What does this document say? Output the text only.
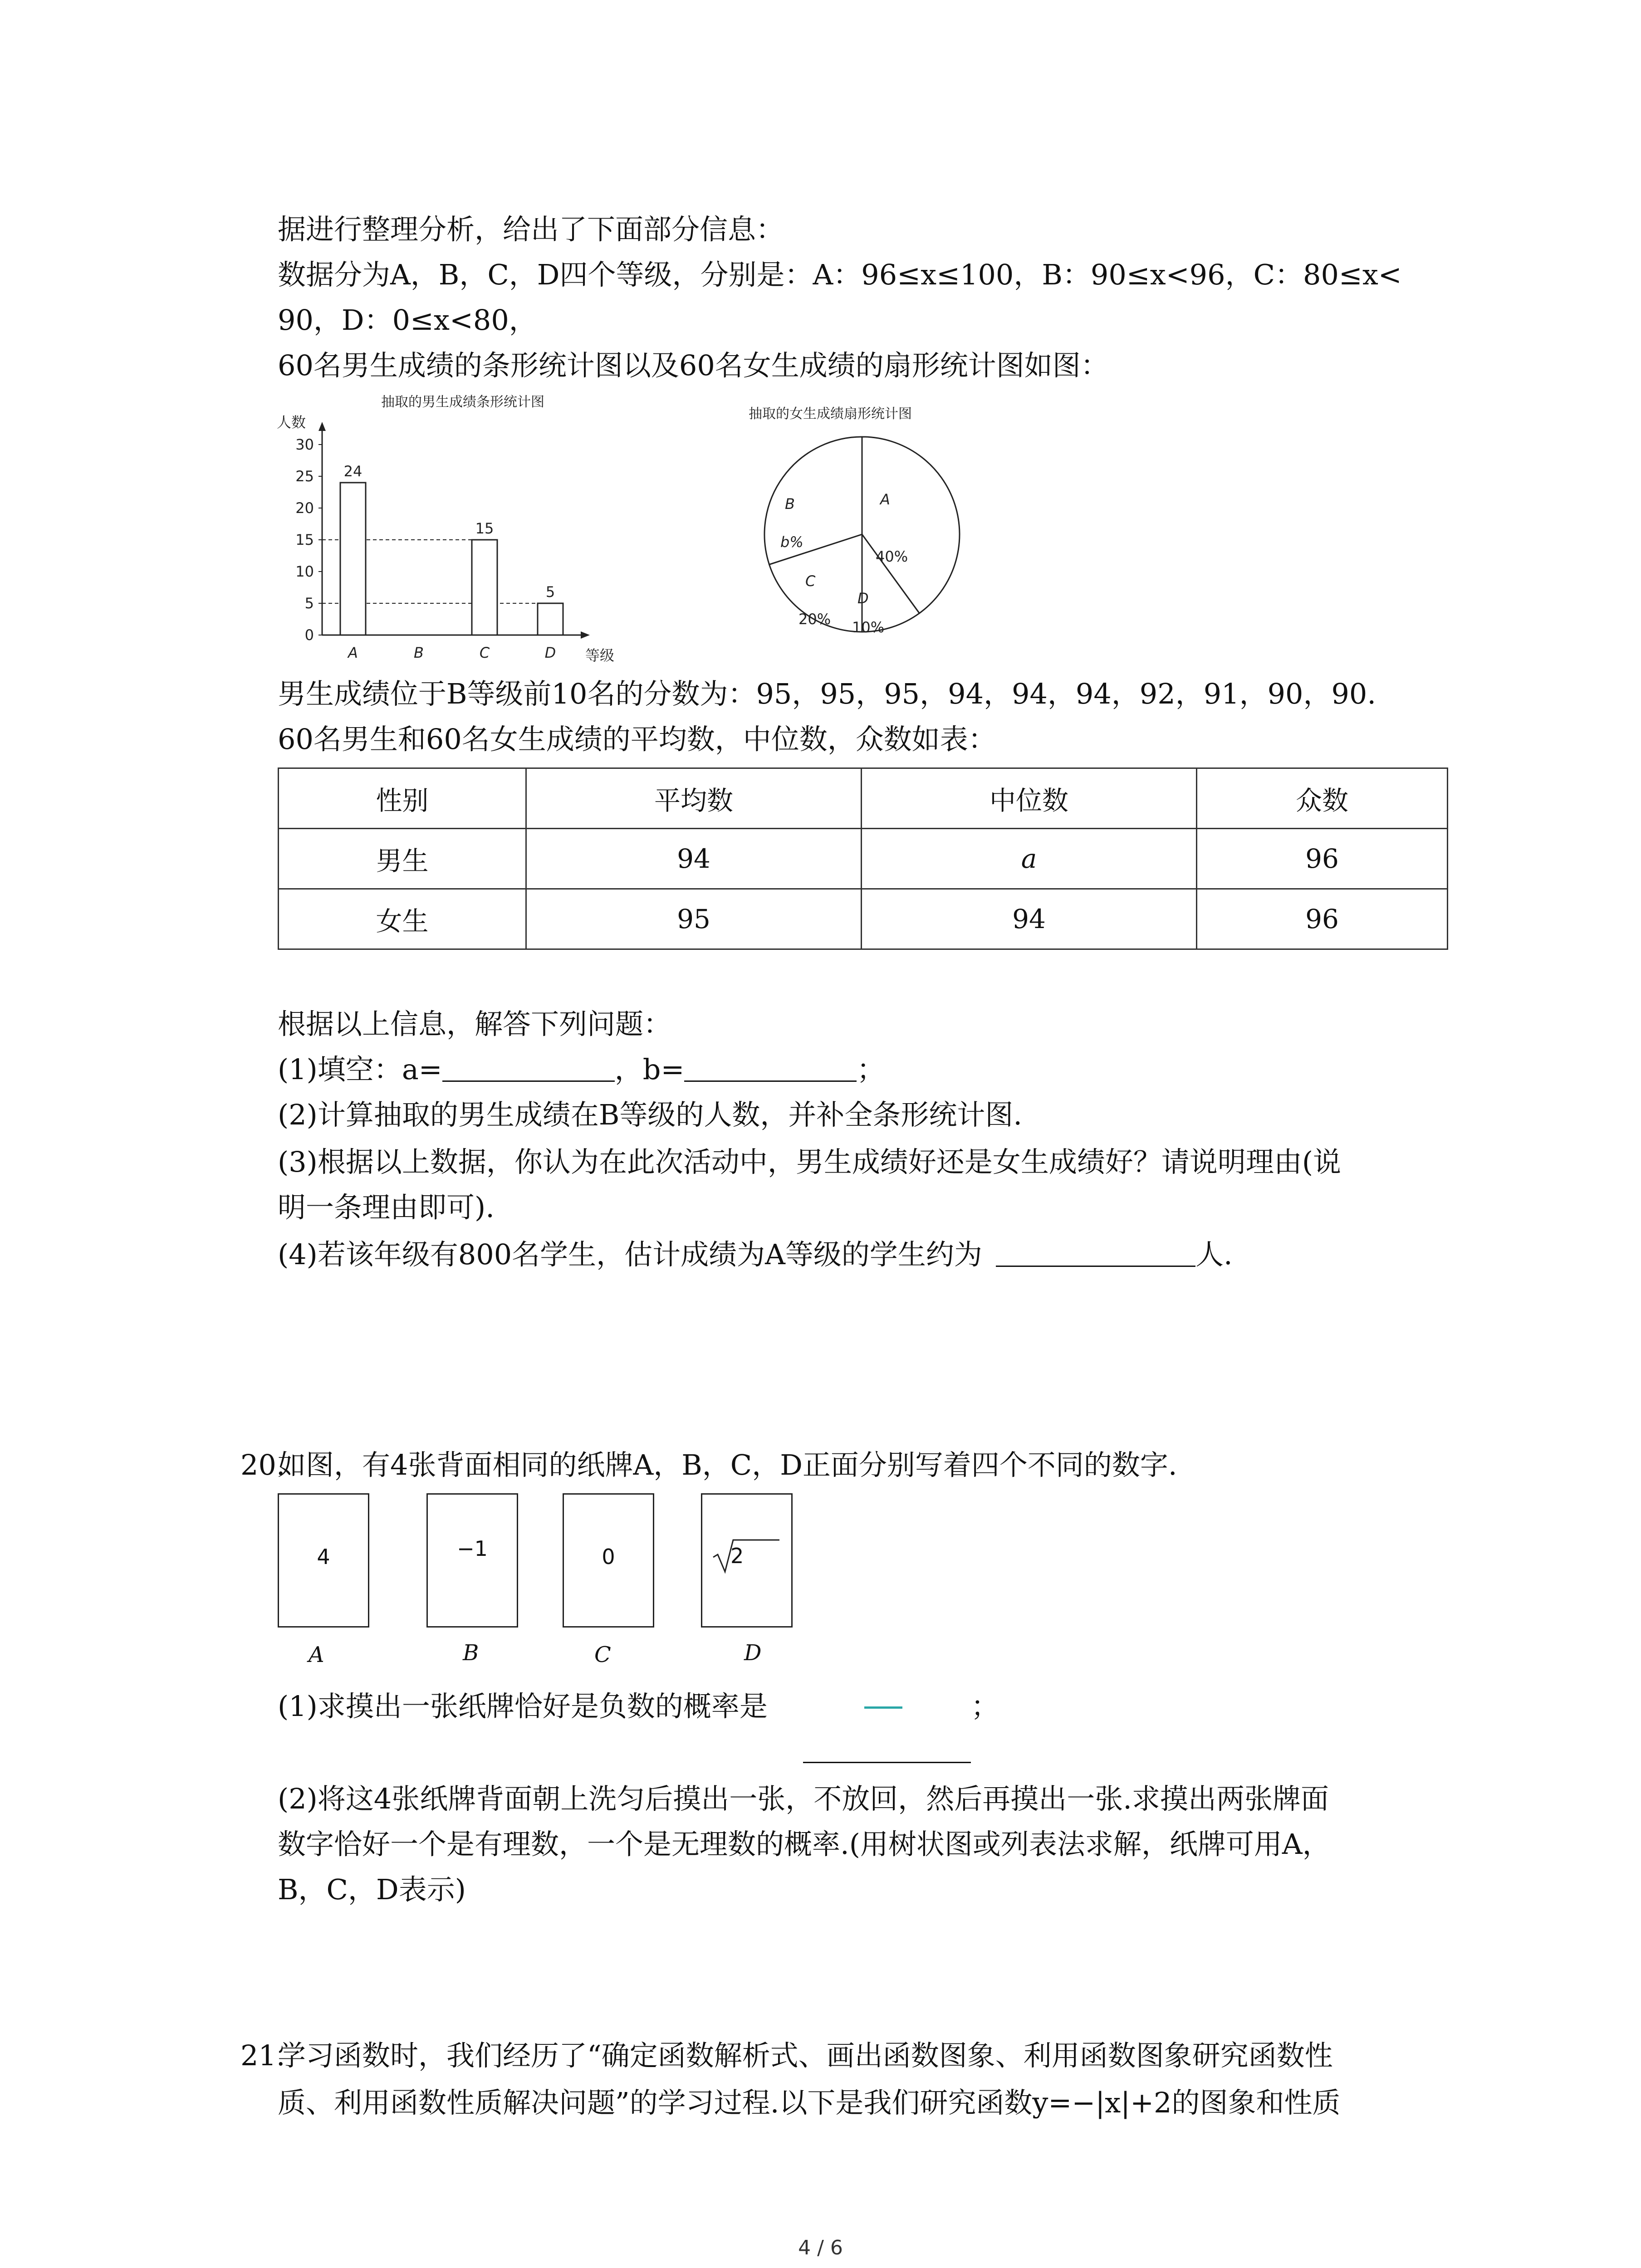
据进行整理分析，给出了下面部分信息：
数据分为A，B，C，D四个等级，分别是：A：96≤x≤100，B：90≤x<96，C：80≤x<
90，D：0≤x<80，
60名男生成绩的条形统计图以及60名女生成绩的扇形统计图如图：
抽取的男生成绩条形统计图
人数
等级
0
5
10
15
20
25
30
24
15
5
A	B	C	D
抽取的女生成绩扇形统计图
B
b%
A
40%
C
20%
D
10%
男生成绩位于B等级前10名的分数为：95，95，95，94，94，94，92，91，90，90.
60名男生和60名女生成绩的平均数，中位数，众数如表：
性别	平均数	中位数	众数
男生	94	a	96
女生	95	94	96
根据以上信息，解答下列问题：
(1)填空：a=	，b=	；
(2)计算抽取的男生成绩在B等级的人数，并补全条形统计图.
(3)根据以上数据，你认为在此次活动中，男生成绩好还是女生成绩好？请说明理由(说
明一条理由即可).
(4)若该年级有800名学生，估计成绩为A等级的学生约为	人.
20.
如图，有4张背面相同的纸牌A，B，C，D正面分别写着四个不同的数字.
4	−1	0	2
A	B	C	D
(1)求摸出一张纸牌恰好是负数的概率是	；
(2)将这4张纸牌背面朝上洗匀后摸出一张，不放回，然后再摸出一张.求摸出两张牌面
数字恰好一个是有理数，一个是无理数的概率.(用树状图或列表法求解，纸牌可用A，
B，C，D表示)
21.
学习函数时，我们经历了“确定函数解析式、画出函数图象、利用函数图象研究函数性
质、利用函数性质解决问题”的学习过程.以下是我们研究函数y=−|x|+2的图象和性质
4 / 6
